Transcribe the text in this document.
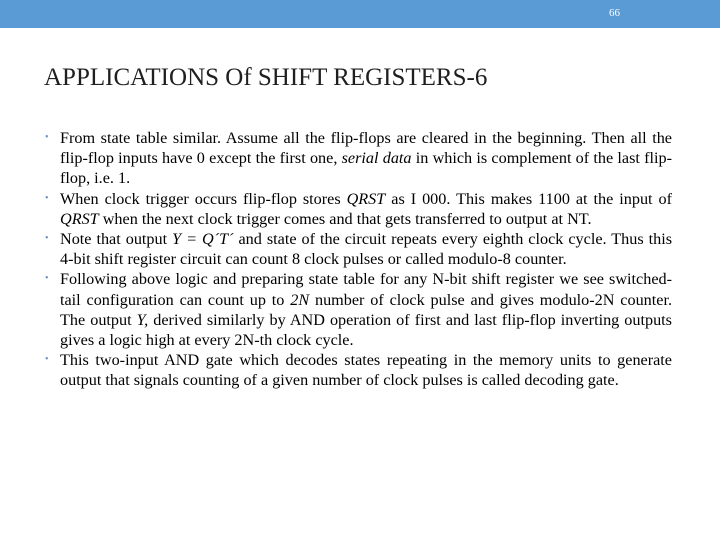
66
APPLICATIONS Of SHIFT REGISTERS-6
• From state table similar. Assume all the flip-flops are cleared in the beginning. Then all the flip-flop inputs have 0 except the first one, serial data in which is complement of the last flip-flop, i.e. 1.
• When clock trigger occurs flip-flop stores QRST as I 000. This makes 1100 at the input of QRST when the next clock trigger comes and that gets transferred to output at NT.
• Note that output Y = Q´T´ and state of the circuit repeats every eighth clock cycle. Thus this 4-bit shift register circuit can count 8 clock pulses or called modulo-8 counter.
• Following above logic and preparing state table for any N-bit shift register we see switched-tail configuration can count up to 2N number of clock pulse and gives modulo-2N counter. The output Y, derived similarly by AND operation of first and last flip-flop inverting outputs gives a logic high at every 2N-th clock cycle.
• This two-input AND gate which decodes states repeating in the memory units to generate output that signals counting of a given number of clock pulses is called decoding gate.
